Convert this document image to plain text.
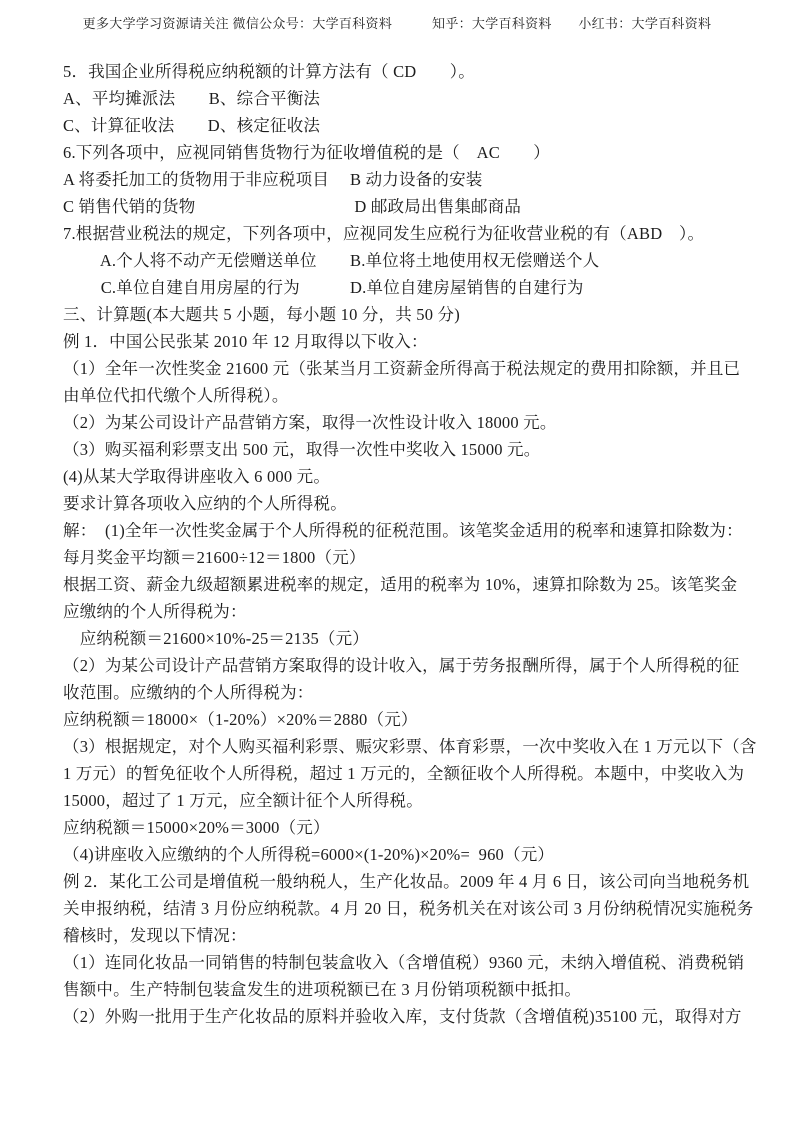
更多大学学习资源请关注 微信公众号：大学百科资料　　　知乎：大学百科资料　　小红书：大学百科资料
5．我国企业所得税应纳税额的计算方法有（ CD　　）。
A、平均摊派法　　B、综合平衡法
C、计算征收法　　D、核定征收法
6.下列各项中，应视同销售货物行为征收增值税的是（　AC　　）
A 将委托加工的货物用于非应税项目　 B 动力设备的安装
C 销售代销的货物　　　　　　　　　  D 邮政局出售集邮商品
7.根据营业税法的规定，下列各项中，应视同发生应税行为征收营业税的有（ABD　）。
　　 A.个人将不动产无偿赠送单位　　B.单位将土地使用权无偿赠送个人
　　 C.单位自建自用房屋的行为　　　D.单位自建房屋销售的自建行为
三、计算题(本大题共 5 小题，每小题 10 分，共 50 分)
例 1．中国公民张某 2010 年 12 月取得以下收入：
（1）全年一次性奖金 21600 元（张某当月工资薪金所得高于税法规定的费用扣除额，并且已
由单位代扣代缴个人所得税）。
（2）为某公司设计产品营销方案，取得一次性设计收入 18000 元。
（3）购买福利彩票支出 500 元，取得一次性中奖收入 15000 元。
(4)从某大学取得讲座收入 6 000 元。
要求计算各项收入应纳的个人所得税。
解：  (1)全年一次性奖金属于个人所得税的征税范围。该笔奖金适用的税率和速算扣除数为：
每月奖金平均额＝21600÷12＝1800（元）
根据工资、薪金九级超额累进税率的规定，适用的税率为 10%，速算扣除数为 25。该笔奖金
应缴纳的个人所得税为：
　应纳税额＝21600×10%-25＝2135（元）
（2）为某公司设计产品营销方案取得的设计收入，属于劳务报酬所得，属于个人所得税的征
收范围。应缴纳的个人所得税为：
应纳税额＝18000×（1-20%）×20%＝2880（元）
（3）根据规定，对个人购买福利彩票、赈灾彩票、体育彩票，一次中奖收入在 1 万元以下（含
1 万元）的暂免征收个人所得税，超过 1 万元的，全额征收个人所得税。本题中，中奖收入为
15000，超过了 1 万元，应全额计征个人所得税。
应纳税额＝15000×20%＝3000（元）
（4)讲座收入应缴纳的个人所得税=6000×(1-20%)×20%=  960（元）
例 2．某化工公司是增值税一般纳税人，生产化妆品。2009 年 4 月 6 日，该公司向当地税务机
关申报纳税，结清 3 月份应纳税款。4 月 20 日，税务机关在对该公司 3 月份纳税情况实施税务
稽核时，发现以下情况：
（1）连同化妆品一同销售的特制包装盒收入（含增值税）9360 元，未纳入增值税、消费税销
售额中。生产特制包装盒发生的进项税额已在 3 月份销项税额中抵扣。
（2）外购一批用于生产化妆品的原料并验收入库，支付货款（含增值税)35100 元，取得对方
